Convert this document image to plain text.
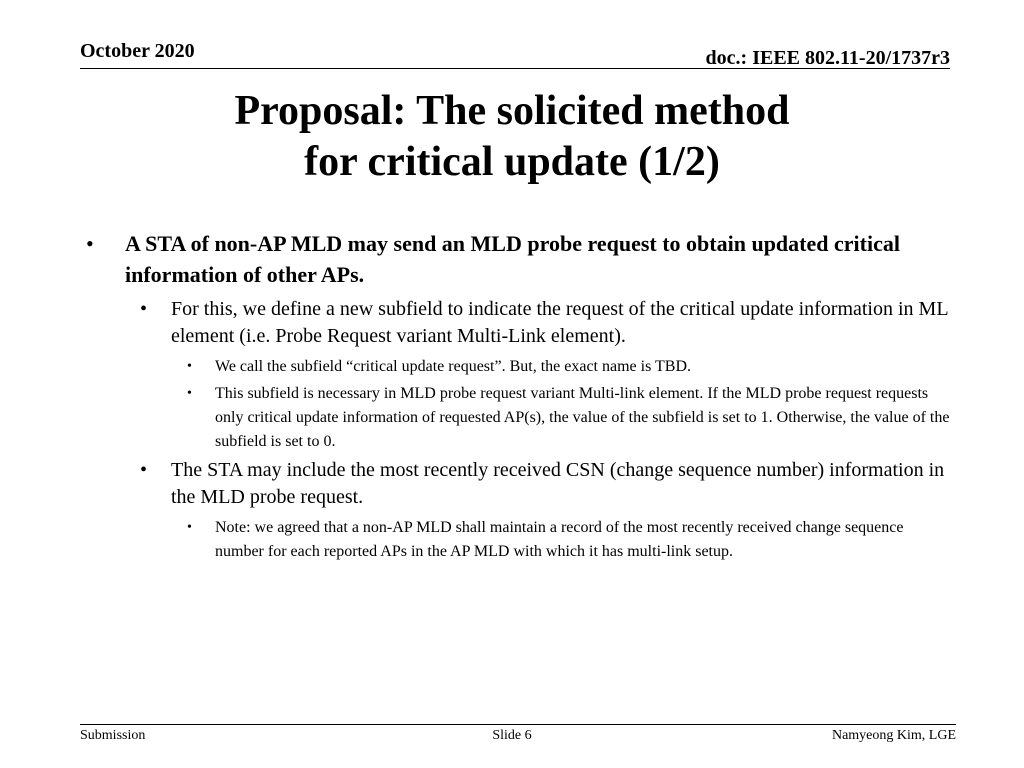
October 2020	doc.: IEEE 802.11-20/1737r3
Proposal: The solicited method
for critical update (1/2)
• A STA of non-AP MLD may send an MLD probe request to obtain updated critical information of other APs.
• For this, we define a new subfield to indicate the request of the critical update information in ML element (i.e. Probe Request variant Multi-Link element).
• We call the subfield “critical update request”. But, the exact name is TBD.
• This subfield is necessary in MLD probe request variant Multi-link element. If the MLD probe request requests only critical update information of requested AP(s), the value of the subfield is set to 1. Otherwise, the value of the subfield is set to 0.
• The STA may include the most recently received CSN (change sequence number) information in the MLD probe request.
• Note: we agreed that a non-AP MLD shall maintain a record of the most recently received change sequence number for each reported APs in the AP MLD with which it has multi-link setup.
Submission	Slide 6	Namyeong Kim, LGE
